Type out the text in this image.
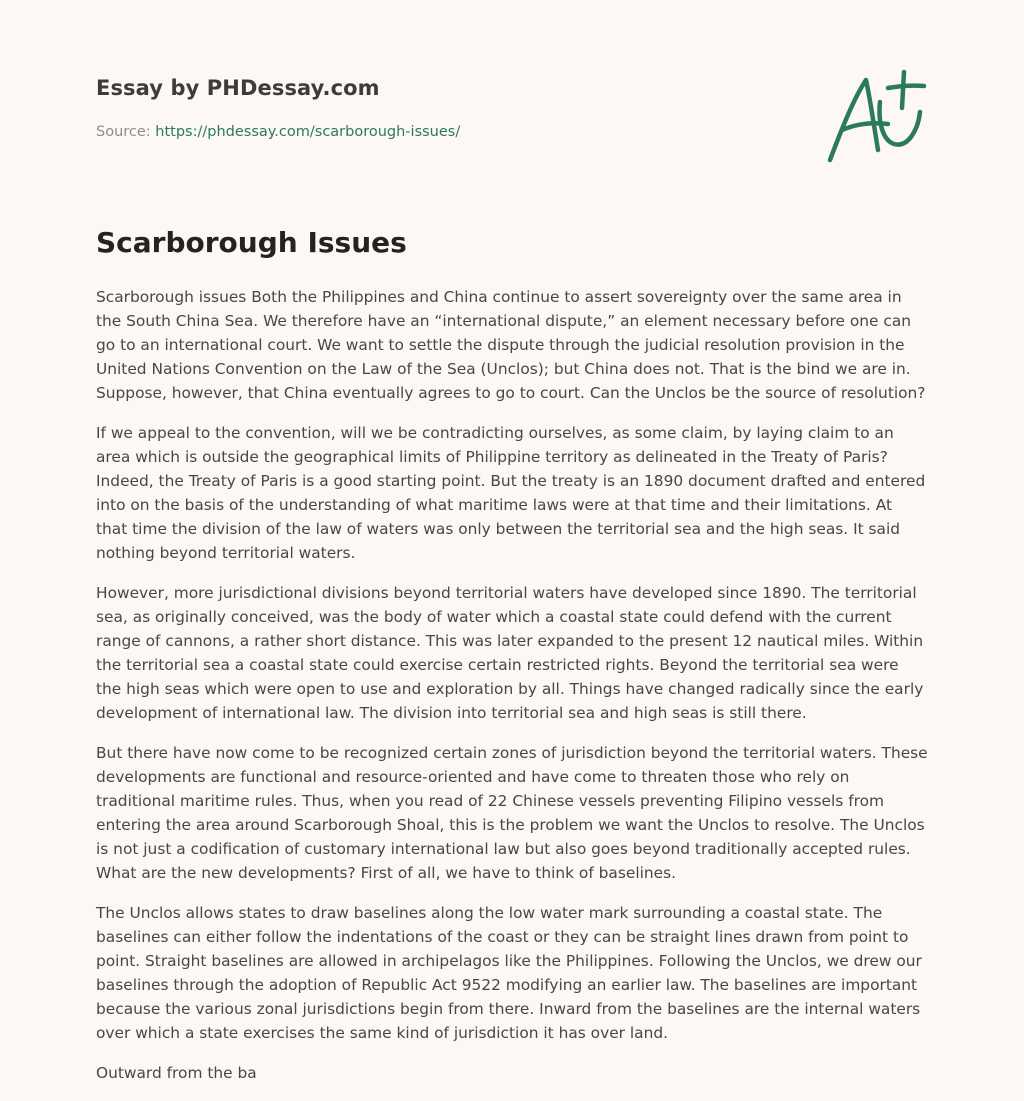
Essay by PHDessay.com
Source: https://phdessay.com/scarborough-issues/
Scarborough Issues

Scarborough issues Both the Philippines and China continue to assert sovereignty over the same area in the South China Sea. We therefore have an “international dispute,” an element necessary before one can go to an international court. We want to settle the dispute through the judicial resolution provision in the United Nations Convention on the Law of the Sea (Unclos); but China does not. That is the bind we are in. Suppose, however, that China eventually agrees to go to court. Can the Unclos be the source of resolution?

If we appeal to the convention, will we be contradicting ourselves, as some claim, by laying claim to an area which is outside the geographical limits of Philippine territory as delineated in the Treaty of Paris? Indeed, the Treaty of Paris is a good starting point. But the treaty is an 1890 document drafted and entered into on the basis of the understanding of what maritime laws were at that time and their limitations. At that time the division of the law of waters was only between the territorial sea and the high seas. It said nothing beyond territorial waters.

However, more jurisdictional divisions beyond territorial waters have developed since 1890. The territorial sea, as originally conceived, was the body of water which a coastal state could defend with the current range of cannons, a rather short distance. This was later expanded to the present 12 nautical miles. Within the territorial sea a coastal state could exercise certain restricted rights. Beyond the territorial sea were the high seas which were open to use and exploration by all. Things have changed radically since the early development of international law. The division into territorial sea and high seas is still there.

But there have now come to be recognized certain zones of jurisdiction beyond the territorial waters. These developments are functional and resource-oriented and have come to threaten those who rely on traditional maritime rules. Thus, when you read of 22 Chinese vessels preventing Filipino vessels from entering the area around Scarborough Shoal, this is the problem we want the Unclos to resolve. The Unclos is not just a codification of customary international law but also goes beyond traditionally accepted rules. What are the new developments? First of all, we have to think of baselines.

The Unclos allows states to draw baselines along the low water mark surrounding a coastal state. The baselines can either follow the indentations of the coast or they can be straight lines drawn from point to point. Straight baselines are allowed in archipelagos like the Philippines. Following the Unclos, we drew our baselines through the adoption of Republic Act 9522 modifying an earlier law. The baselines are important because the various zonal jurisdictions begin from there. Inward from the baselines are the internal waters over which a state exercises the same kind of jurisdiction it has over land.

Outward from the ba
